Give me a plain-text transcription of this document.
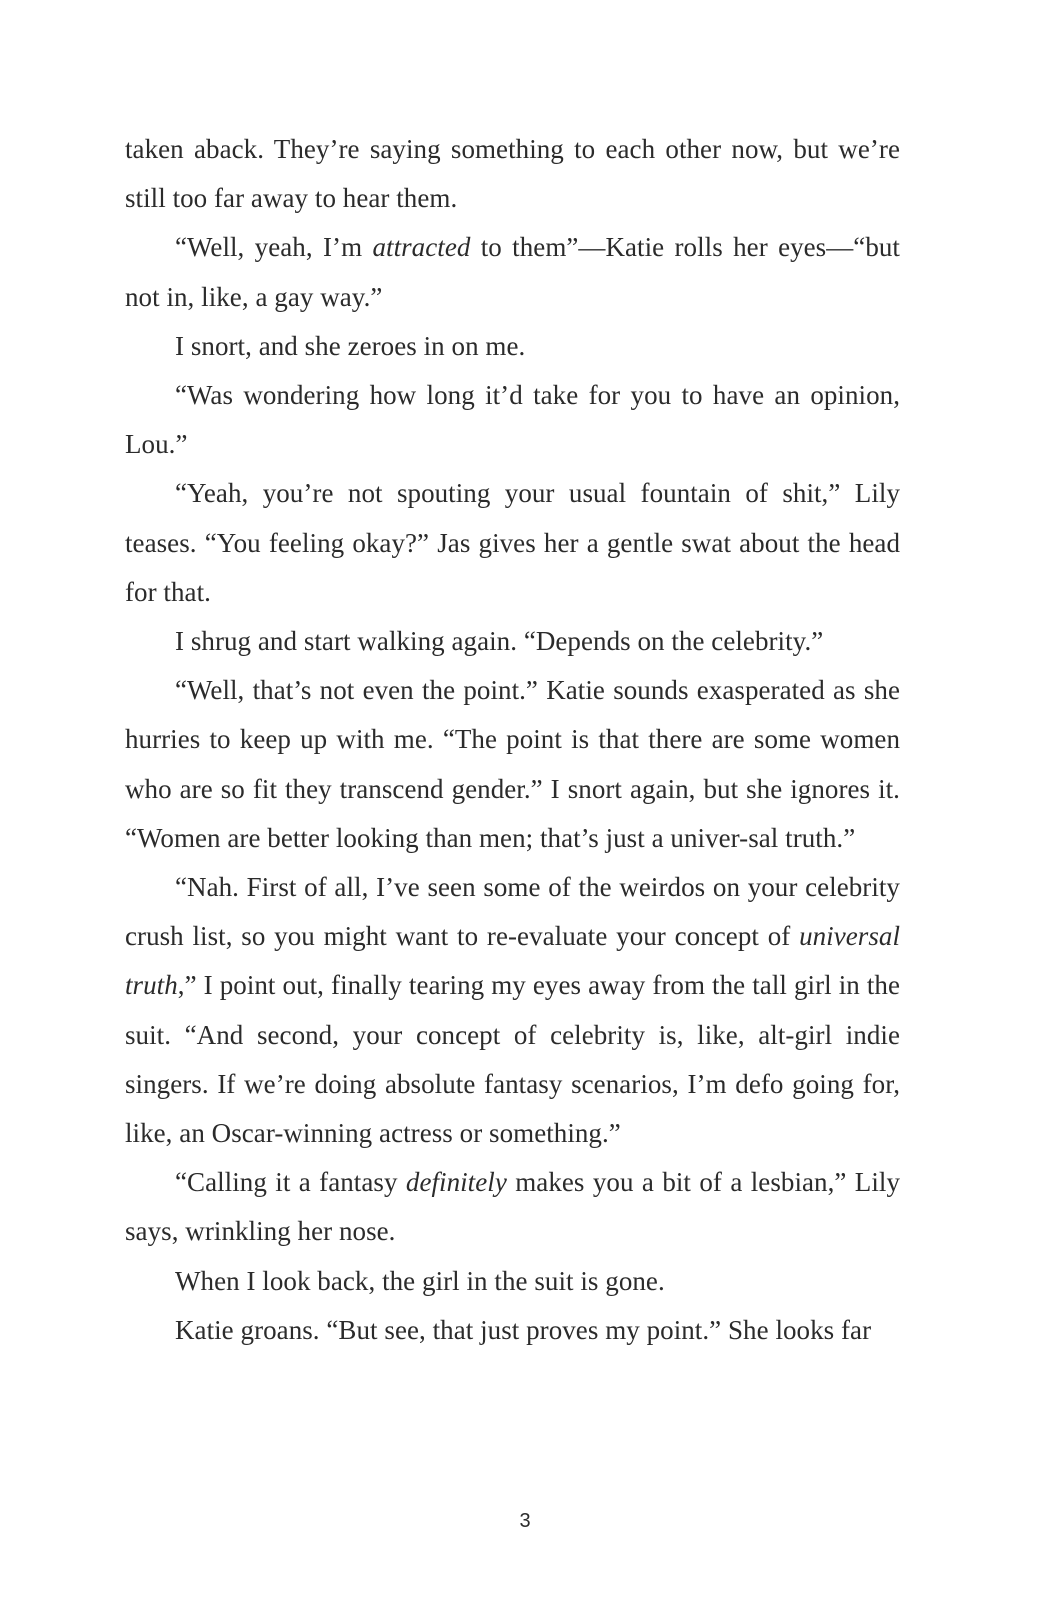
taken aback. They’re saying something to each other now, but we’re still too far away to hear them.

“Well, yeah, I’m attracted to them”—Katie rolls her eyes—“but not in, like, a gay way.”

I snort, and she zeroes in on me.

“Was wondering how long it’d take for you to have an opinion, Lou.”

“Yeah, you’re not spouting your usual fountain of shit,” Lily teases. “You feeling okay?” Jas gives her a gentle swat about the head for that.

I shrug and start walking again. “Depends on the celebrity.”

“Well, that’s not even the point.” Katie sounds exasperated as she hurries to keep up with me. “The point is that there are some women who are so fit they transcend gender.” I snort again, but she ignores it. “Women are better looking than men; that’s just a univer-sal truth.”

“Nah. First of all, I’ve seen some of the weirdos on your celebrity crush list, so you might want to re-evaluate your concept of universal truth,” I point out, finally tearing my eyes away from the tall girl in the suit. “And second, your concept of celebrity is, like, alt-girl indie singers. If we’re doing absolute fantasy scenarios, I’m defo going for, like, an Oscar-winning actress or something.”

“Calling it a fantasy definitely makes you a bit of a lesbian,” Lily says, wrinkling her nose.

When I look back, the girl in the suit is gone.

Katie groans. “But see, that just proves my point.” She looks far

3
